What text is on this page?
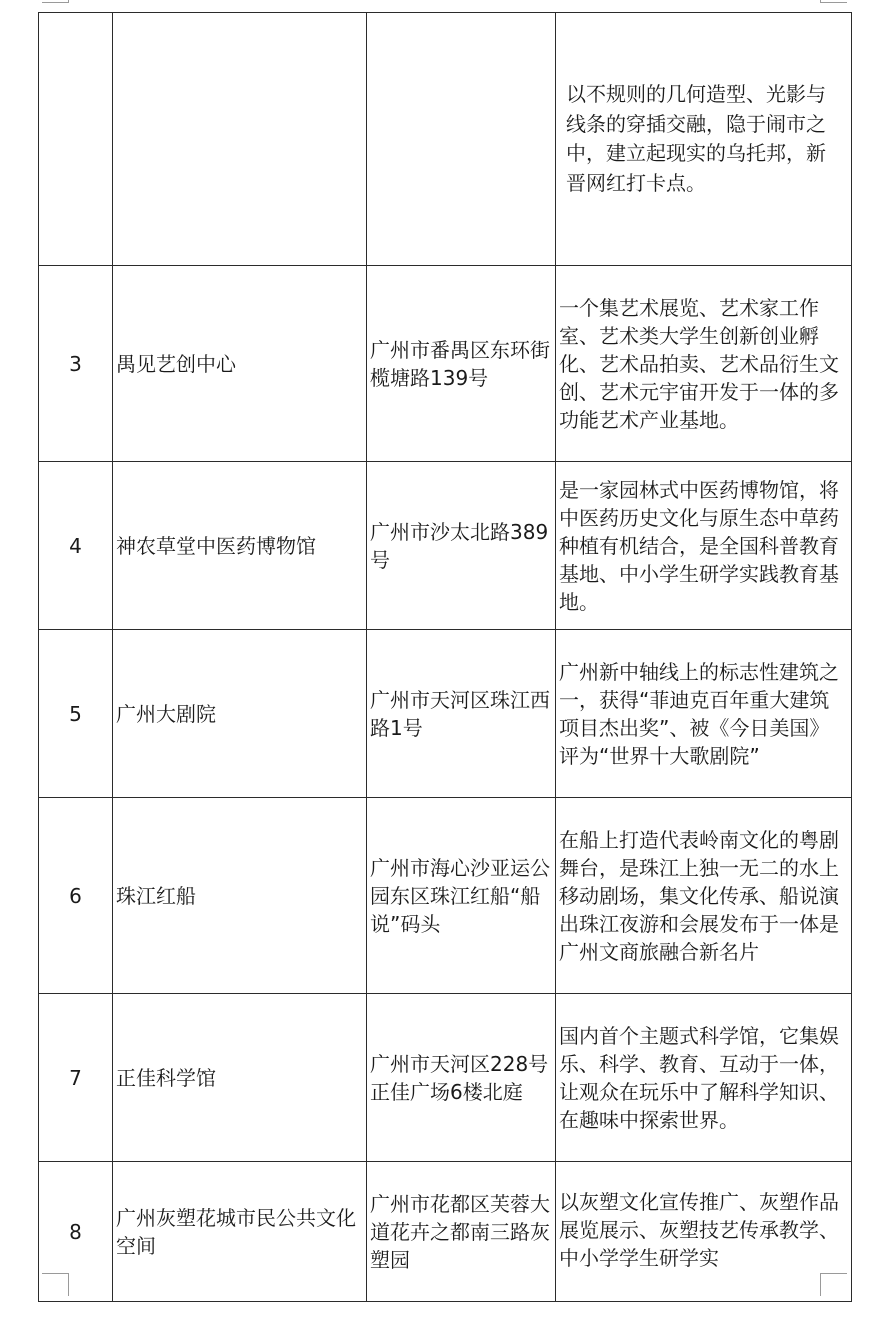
			以不规则的几何造型、光影与线条的穿插交融，隐于闹市之中，建立起现实的乌托邦，新晋网红打卡点。
3	禺见艺创中心	广州市番禺区东环街榄塘路139号	一个集艺术展览、艺术家工作室、艺术类大学生创新创业孵化、艺术品拍卖、艺术品衍生文创、艺术元宇宙开发于一体的多功能艺术产业基地。
4	神农草堂中医药博物馆	广州市沙太北路389号	是一家园林式中医药博物馆，将中医药历史文化与原生态中草药种植有机结合，是全国科普教育基地、中小学生研学实践教育基地。
5	广州大剧院	广州市天河区珠江西路1号	广州新中轴线上的标志性建筑之一，获得“菲迪克百年重大建筑项目杰出奖”、被《今日美国》评为“世界十大歌剧院”
6	珠江红船	广州市海心沙亚运公园东区珠江红船“船说”码头	在船上打造代表岭南文化的粤剧舞台，是珠江上独一无二的水上移动剧场，集文化传承、船说演出珠江夜游和会展发布于一体是广州文商旅融合新名片
7	正佳科学馆	广州市天河区228号正佳广场6楼北庭	国内首个主题式科学馆，它集娱乐、科学、教育、互动于一体，让观众在玩乐中了解科学知识、在趣味中探索世界。
8	广州灰塑花城市民公共文化空间	广州市花都区芙蓉大道花卉之都南三路灰塑园	以灰塑文化宣传推广、灰塑作品展览展示、灰塑技艺传承教学、中小学学生研学实
